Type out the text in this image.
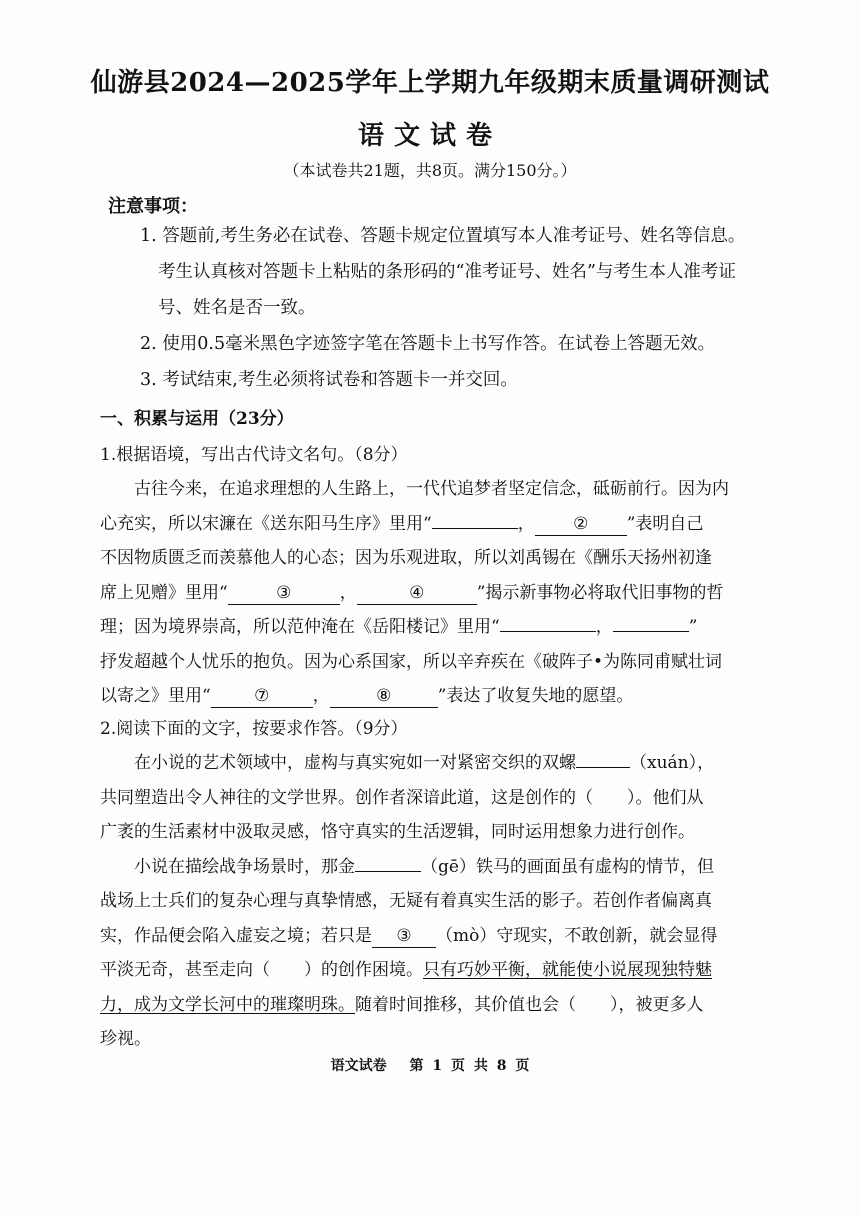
仙游县2024—2025学年上学期九年级期末质量调研测试
语文试卷
（本试卷共21题，共8页。满分150分。）
注意事项：
1. 答题前,考生务必在试卷、答题卡规定位置填写本人准考证号、姓名等信息。
考生认真核对答题卡上粘贴的条形码的“准考证号、姓名”与考生本人准考证
号、姓名是否一致。
2. 使用0.5毫米黑色字迹签字笔在答题卡上书写作答。在试卷上答题无效。
3. 考试结束,考生必须将试卷和答题卡一并交回。
一、积累与运用（23分）
1.根据语境，写出古代诗文名句。（8分）
古往今来，在追求理想的人生路上，一代代追梦者坚定信念，砥砺前行。因为内
心充实，所以宋濂在《送东阳马生序》里用“	， ② ”表明自己
不因物质匮乏而羡慕他人的心态；因为乐观进取，所以刘禹锡在《酬乐天扬州初逢
席上见赠》里用“	③	，	④	”揭示新事物必将取代旧事物的哲
理；因为境界崇高，所以范仲淹在《岳阳楼记》里用“	，	”
抒发超越个人忧乐的抱负。因为心系国家，所以辛弃疾在《破阵子•为陈同甫赋壮词
以寄之》里用“	⑦	，	⑧	”表达了收复失地的愿望。
2.阅读下面的文字，按要求作答。（9分）
在小说的艺术领域中，虚构与真实宛如一对紧密交织的双螺	（xuán），
共同塑造出令人神往的文学世界。创作者深谙此道，这是创作的（　　）。他们从
广袤的生活素材中汲取灵感，恪守真实的生活逻辑，同时运用想象力进行创作。
小说在描绘战争场景时，那金	（gē）铁马的画面虽有虚构的情节，但
战场上士兵们的复杂心理与真挚情感，无疑有着真实生活的影子。若创作者偏离真
实，作品便会陷入虚妄之境；若只是 ③ （mò）守现实，不敢创新，就会显得
平淡无奇，甚至走向（　　）的创作困境。只有巧妙平衡，就能使小说展现独特魅
力，成为文学长河中的璀璨明珠。随着时间推移，其价值也会（　　），被更多人
珍视。
语文试卷　 第 1 页 共 8 页
